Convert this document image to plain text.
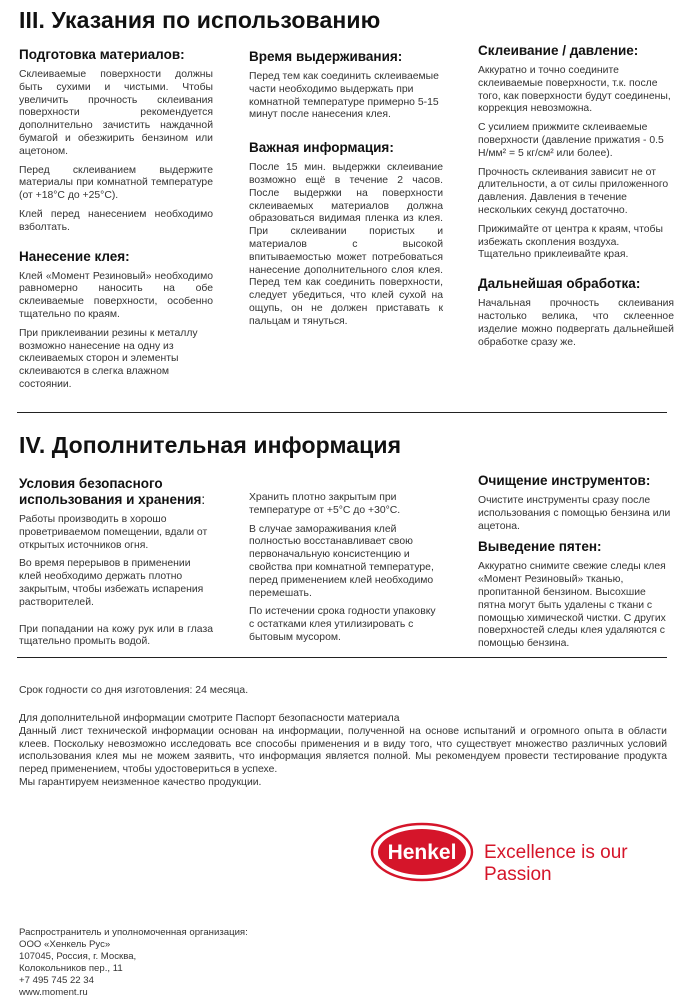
III. Указания по использованию
Подготовка материалов:

Склеиваемые поверхности должны быть сухими и чистыми. Чтобы увеличить прочность склеивания поверхности рекомендуется дополнительно зачистить наждачной бумагой и обезжирить бензином или ацетоном.

Перед склеиванием выдержите материалы при комнатной температуре (от +18°С до +25°С).

Клей перед нанесением необходимо взболтать.

Нанесение клея:

Клей «Момент Резиновый» необходимо равномерно наносить на обе склеиваемые поверхности, особенно тщательно по краям.

При приклеивании резины к металлу возможно нанесение на одну из склеиваемых сторон и элементы склеиваются в слегка влажном состоянии.

Время выдерживания:

Перед тем как соединить склеиваемые части необходимо выдержать при комнатной температуре примерно 5-15 минут после нанесения клея.

Важная информация:

После 15 мин. выдержки склеивание возможно ещё в течение 2 часов. После выдержки на поверхности склеиваемых материалов должна образоваться видимая пленка из клея. При склеивании пористых и материалов с высокой впитываемостью может потребоваться нанесение дополнительного слоя клея. Перед тем как соединить поверхности, следует убедиться, что клей сухой на ощупь, он не должен приставать к пальцам и тянуться.

Склеивание / давление:

Аккуратно и точно соедините склеиваемые поверхности, т.к. после того, как поверхности будут соединены, коррекция невозможна.

С усилием прижмите склеиваемые поверхности (давление прижатия - 0.5 Н/мм² = 5 кг/см² или более).

Прочность склеивания зависит не от длительности, а от силы приложенного давления. Давления в течение нескольких секунд достаточно.

Прижимайте от центра к краям, чтобы избежать скопления воздуха. Тщательно приклеивайте края.

Дальнейшая обработка:

Начальная прочность склеивания настолько велика, что склеенное изделие можно подвергать дальнейшей обработке сразу же.

IV. Дополнительная информация
Условия безопасного
использования и хранения:

Работы производить в хорошо проветриваемом помещении, вдали от открытых источников огня.

Во время перерывов в применении клей необходимо держать плотно закрытым, чтобы избежать испарения растворителей.

При попадании на кожу рук или в глаза тщательно промыть водой.

Хранить плотно закрытым при температуре от +5°С до +30°С.

В случае замораживания клей полностью восстанавливает свою первоначальную консистенцию и свойства при комнатной температуре, перед применением клей необходимо перемешать.

По истечении срока годности упаковку с остатками клея утилизировать с бытовым мусором.

Очищение инструментов:

Очистите инструменты сразу после использования с помощью бензина или ацетона.

Выведение пятен:

Аккуратно снимите свежие следы клея «Момент Резиновый» тканью, пропитанной бензином. Высохшие пятна могут быть удалены с ткани с помощью химической чистки. С других поверхностей следы клея удаляются с помощью бензина.

Срок годности со дня изготовления: 24 месяца.

Для дополнительной информации смотрите Паспорт безопасности материала

Данный лист технической информации основан на информации, полученной на основе испытаний и огромного опыта в области клеев. Поскольку невозможно исследовать все способы применения и в виду того, что существует множество различных условий использования клея мы не можем заявить, что информация является полной. Мы рекомендуем провести тестирование продукта перед применением, чтобы удостовериться в успехе.

Мы гарантируем неизменное качество продукции.

Henkel Excellence is our Passion
Распространитель и уполномоченная организация:
ООО «Хенкель Рус»
107045, Россия, г. Москва,
Колокольников пер., 11
+7 495 745 22 34
www.moment.ru
